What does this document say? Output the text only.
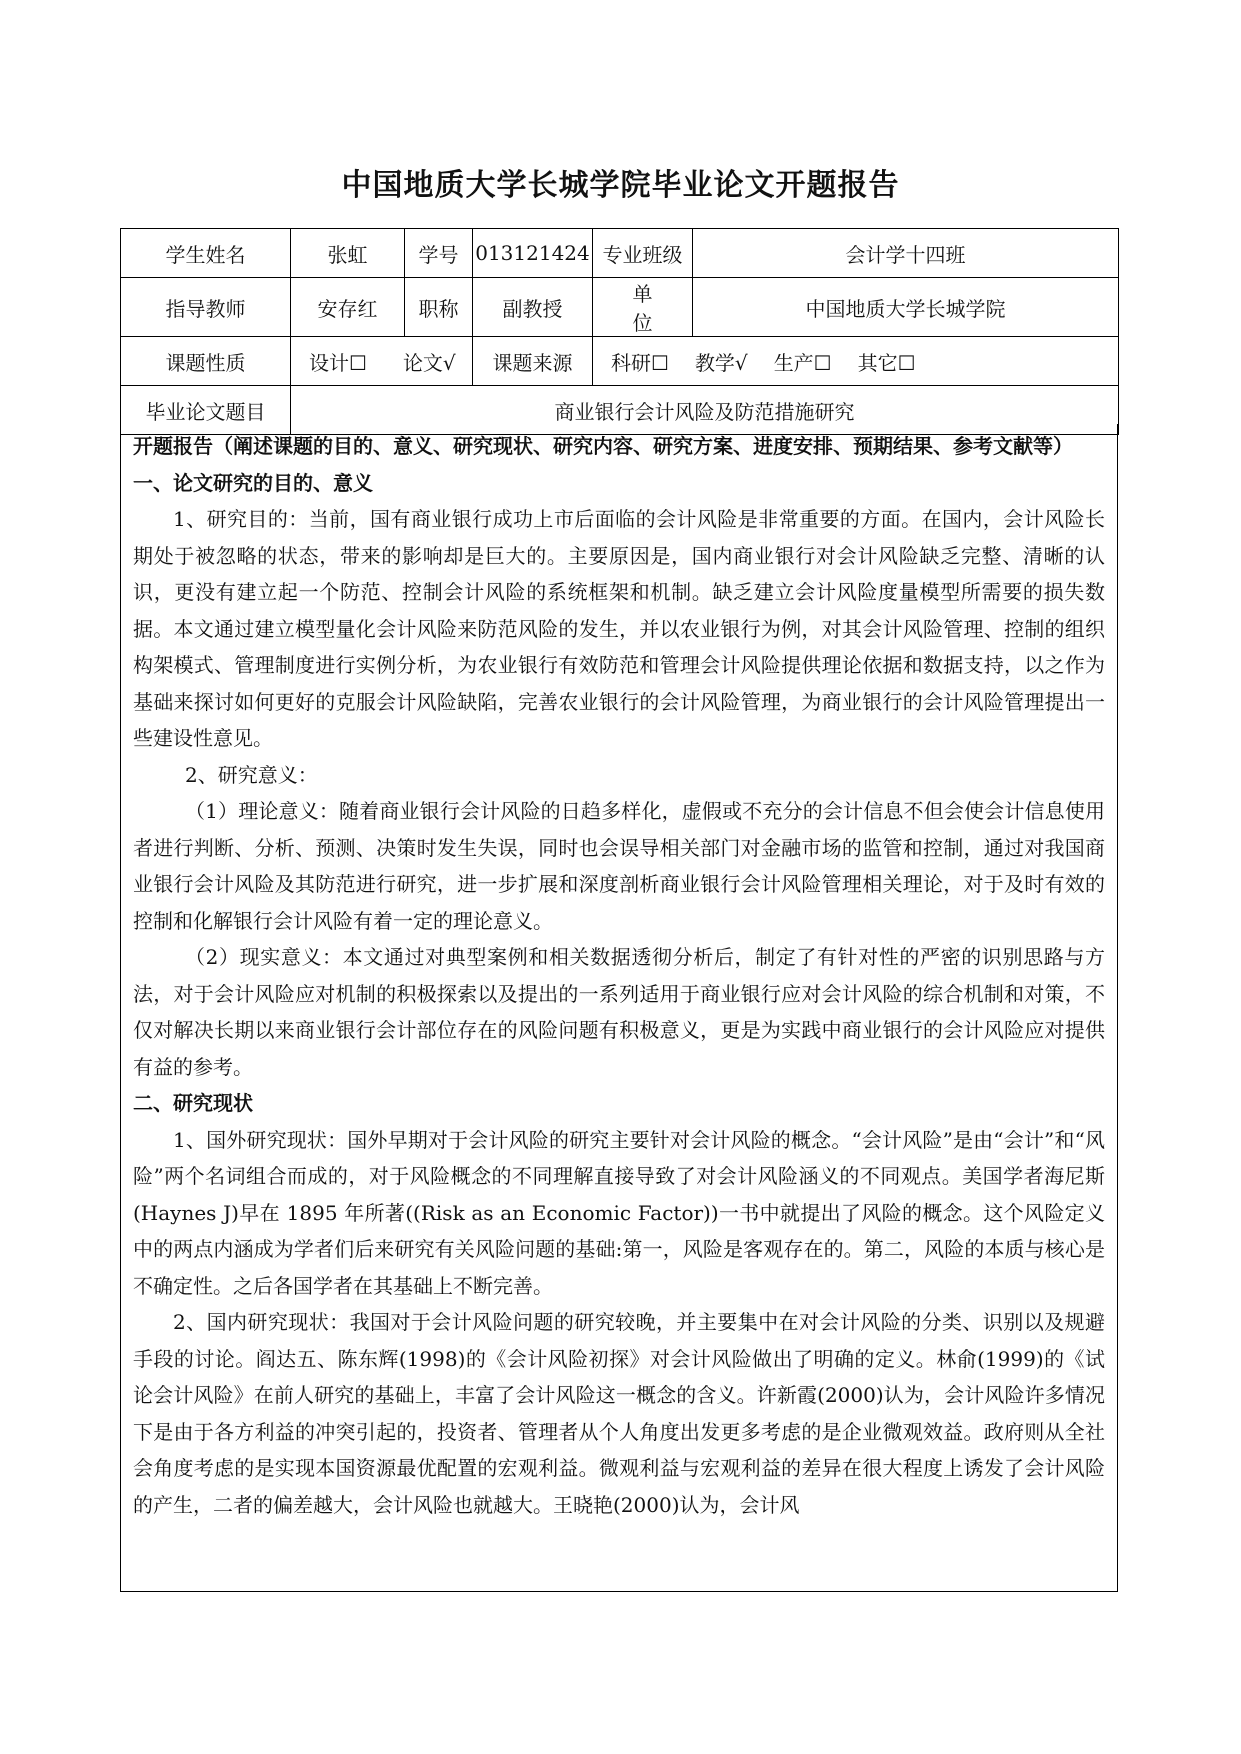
中国地质大学长城学院毕业论文开题报告
学生姓名	张虹	学号	013121424	专业班级	会计学十四班
指导教师	安存红	职称	副教授	单位	中国地质大学长城学院
课题性质	设计☐ 论文√		课题来源	科研☐ 教学√ 生产☐ 其它☐	
毕业论文题目	商业银行会计风险及防范措施研究				

开题报告（阐述课题的目的、意义、研究现状、研究内容、研究方案、进度安排、预期结果、参考文献等）

一、论文研究的目的、意义

1、研究目的：当前，国有商业银行成功上市后面临的会计风险是非常重要的方面。在国内，会计风险长期处于被忽略的状态，带来的影响却是巨大的。主要原因是，国内商业银行对会计风险缺乏完整、清晰的认识，更没有建立起一个防范、控制会计风险的系统框架和机制。缺乏建立会计风险度量模型所需要的损失数据。本文通过建立模型量化会计风险来防范风险的发生，并以农业银行为例，对其会计风险管理、控制的组织构架模式、管理制度进行实例分析，为农业银行有效防范和管理会计风险提供理论依据和数据支持，以之作为基础来探讨如何更好的克服会计风险缺陷，完善农业银行的会计风险管理，为商业银行的会计风险管理提出一些建设性意见。

2、研究意义：

（1）理论意义：随着商业银行会计风险的日趋多样化，虚假或不充分的会计信息不但会使会计信息使用者进行判断、分析、预测、决策时发生失误，同时也会误导相关部门对金融市场的监管和控制，通过对我国商业银行会计风险及其防范进行研究，进一步扩展和深度剖析商业银行会计风险管理相关理论，对于及时有效的控制和化解银行会计风险有着一定的理论意义。

（2）现实意义：本文通过对典型案例和相关数据透彻分析后，制定了有针对性的严密的识别思路与方法，对于会计风险应对机制的积极探索以及提出的一系列适用于商业银行应对会计风险的综合机制和对策，不仅对解决长期以来商业银行会计部位存在的风险问题有积极意义，更是为实践中商业银行的会计风险应对提供有益的参考。

二、研究现状

1、国外研究现状：国外早期对于会计风险的研究主要针对会计风险的概念。“会计风险”是由“会计”和“风险”两个名词组合而成的，对于风险概念的不同理解直接导致了对会计风险涵义的不同观点。美国学者海尼斯(Haynes J)早在 1895 年所著((Risk as an Economic Factor))一书中就提出了风险的概念。这个风险定义中的两点内涵成为学者们后来研究有关风险问题的基础:第一，风险是客观存在的。第二，风险的本质与核心是不确定性。之后各国学者在其基础上不断完善。

2、国内研究现状：我国对于会计风险问题的研究较晚，并主要集中在对会计风险的分类、识别以及规避手段的讨论。阎达五、陈东辉(1998)的《会计风险初探》对会计风险做出了明确的定义。林俞(1999)的《试论会计风险》在前人研究的基础上，丰富了会计风险这一概念的含义。许新霞(2000)认为，会计风险许多情况下是由于各方利益的冲突引起的，投资者、管理者从个人角度出发更多考虑的是企业微观效益。政府则从全社会角度考虑的是实现本国资源最优配置的宏观利益。微观利益与宏观利益的差异在很大程度上诱发了会计风险的产生，二者的偏差越大，会计风险也就越大。王晓艳(2000)认为，会计风
